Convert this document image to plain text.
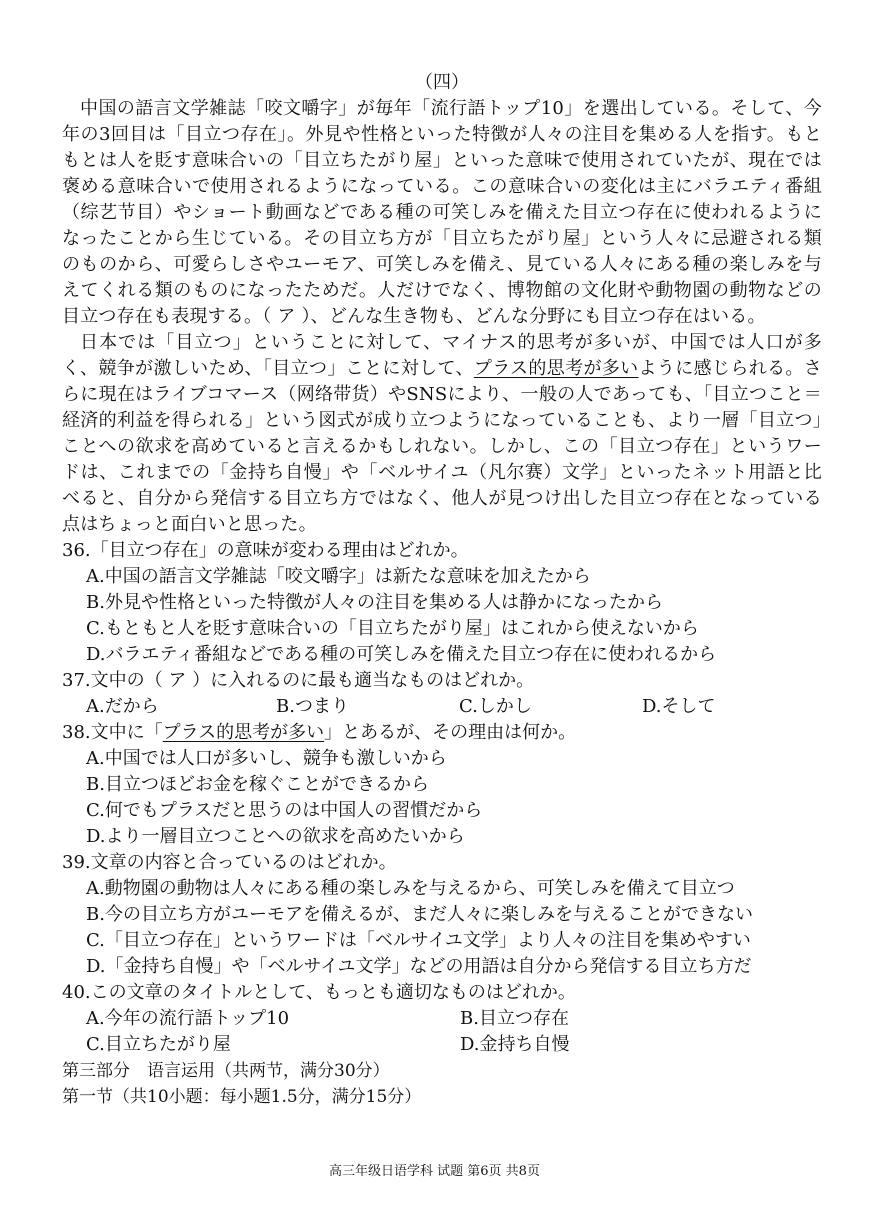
（四）

中国の語言文学雑誌「咬文嚼字」が毎年「流行語トップ10」を選出している。そして、今年の3回目は「目立つ存在」。外見や性格といった特徴が人々の注目を集める人を指す。もともとは人を貶す意味合いの「目立ちたがり屋」といった意味で使用されていたが、現在では褒める意味合いで使用されるようになっている。この意味合いの変化は主にバラエティ番組（综艺节目）やショート動画などである種の可笑しみを備えた目立つ存在に使われるようになったことから生じている。その目立ち方が「目立ちたがり屋」という人々に忌避される類のものから、可愛らしさやユーモア、可笑しみを備え、見ている人々にある種の楽しみを与えてくれる類のものになったためだ。人だけでなく、博物館の文化財や動物園の動物などの目立つ存在も表現する。（ ア ）、どんな生き物も、どんな分野にも目立つ存在はいる。

日本では「目立つ」ということに対して、マイナス的思考が多いが、中国では人口が多く、競争が激しいため、「目立つ」ことに対して、プラス的思考が多いように感じられる。さらに現在はライブコマース（网络带货）やSNSにより、一般の人であっても、「目立つこと＝経済的利益を得られる」という図式が成り立つようになっていることも、より一層「目立つ」ことへの欲求を高めていると言えるかもしれない。しかし、この「目立つ存在」というワードは、これまでの「金持ち自慢」や「ベルサイユ（凡尔赛）文学」といったネット用語と比べると、自分から発信する目立ち方ではなく、他人が見つけ出した目立つ存在となっている点はちょっと面白いと思った。

36.「目立つ存在」の意味が変わる理由はどれか。
A.中国の語言文学雑誌「咬文嚼字」は新たな意味を加えたから
B.外見や性格といった特徴が人々の注目を集める人は静かになったから
C.もともと人を貶す意味合いの「目立ちたがり屋」はこれから使えないから
D.バラエティ番組などである種の可笑しみを備えた目立つ存在に使われるから
37.文中の（ ア ）に入れるのに最も適当なものはどれか。
A.だから	B.つまり	C.しかし	D.そして
38.文中に「プラス的思考が多い」とあるが、その理由は何か。
A.中国では人口が多いし、競争も激しいから
B.目立つほどお金を稼ぐことができるから
C.何でもプラスだと思うのは中国人の習慣だから
D.より一層目立つことへの欲求を高めたいから
39.文章の内容と合っているのはどれか。
A.動物園の動物は人々にある種の楽しみを与えるから、可笑しみを備えて目立つ
B.今の目立ち方がユーモアを備えるが、まだ人々に楽しみを与えることができない
C.「目立つ存在」というワードは「ベルサイユ文学」より人々の注目を集めやすい
D.「金持ち自慢」や「ベルサイユ文学」などの用語は自分から発信する目立ち方だ
40.この文章のタイトルとして、もっとも適切なものはどれか。
A.今年の流行語トップ10	B.目立つ存在
C.目立ちたがり屋	D.金持ち自慢

第三部分　语言运用（共两节，满分30分）

第一节（共10小题：每小题1.5分，满分15分）

高三年级日语学科 试题 第6页 共8页
